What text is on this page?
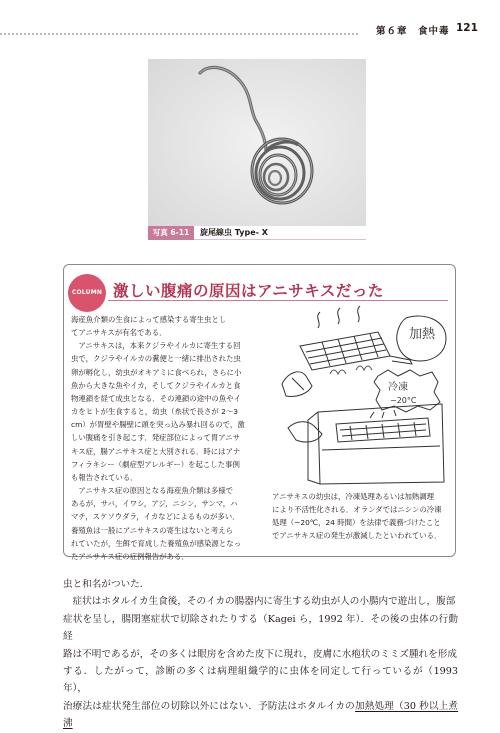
第６章　食中毒 121
写真 6-11	旋尾線虫 Type- X
COLUMN 激しい腹痛の原因はアニサキスだった

海産魚介類の生食によって感染する寄生虫とし

てアニサキスが有名である．

　アニサキスは，本来クジラやイルカに寄生する回

虫で，クジラやイルカの糞便と一緒に排出された虫

卵が孵化し，幼虫がオキアミに食べられ，さらに小

魚から大きな魚やイカ，そしてクジラやイルカと食

物連鎖を経て成虫となる．その連鎖の途中の魚やイ

カをヒトが生食すると，幼虫（糸状で長さが 2～3

cm）が胃壁や腸壁に頭を突っ込み暴れ回るので，激

しい腹痛を引き起こす．発症部位によって胃アニサ

キス症，腸アニサキス症と大別される．時にはアナ

フィラキシー（劇症型アレルギー）を起こした事例

も報告されている．

　アニサキス症の原因となる海産魚介類は多様で

あるが，サバ，イワシ，アジ，ニシン，サンマ，ハ

マチ，スケソウダラ，イカなどによるものが多い．

養殖魚は一般にアニサキスの寄生はないと考えら

れていたが，生餌で育成した養殖魚が感染源となっ

たアニサキス症の症例報告がある．

加熱
冷凍
−20°C

アニサキスの幼虫は，冷凍処理あるいは加熱調理

により不活性化される．オランダではニシンの冷凍

処理（−20℃，24 時間）を法律で義務づけたこと

でアニサキス症の発生が激減したといわれている．

虫と和名がついた．

　症状はホタルイカ生食後，そのイカの腸器内に寄生する幼虫が人の小腸内で遊出し，腹部

症状を呈し，腸閉塞症状で切除されたりする（Kagei ら，1992 年）．その後の虫体の行動経

路は不明であるが，その多くは眼房を含めた皮下に現れ，皮膚に水疱状のミミズ腫れを形成

する．したがって，診断の多くは病理組織学的に虫体を同定して行っているが（1993 年），

治療法は症状発生部位の切除以外にはない．予防法はホタルイカの加熱処理（30 秒以上煮沸
